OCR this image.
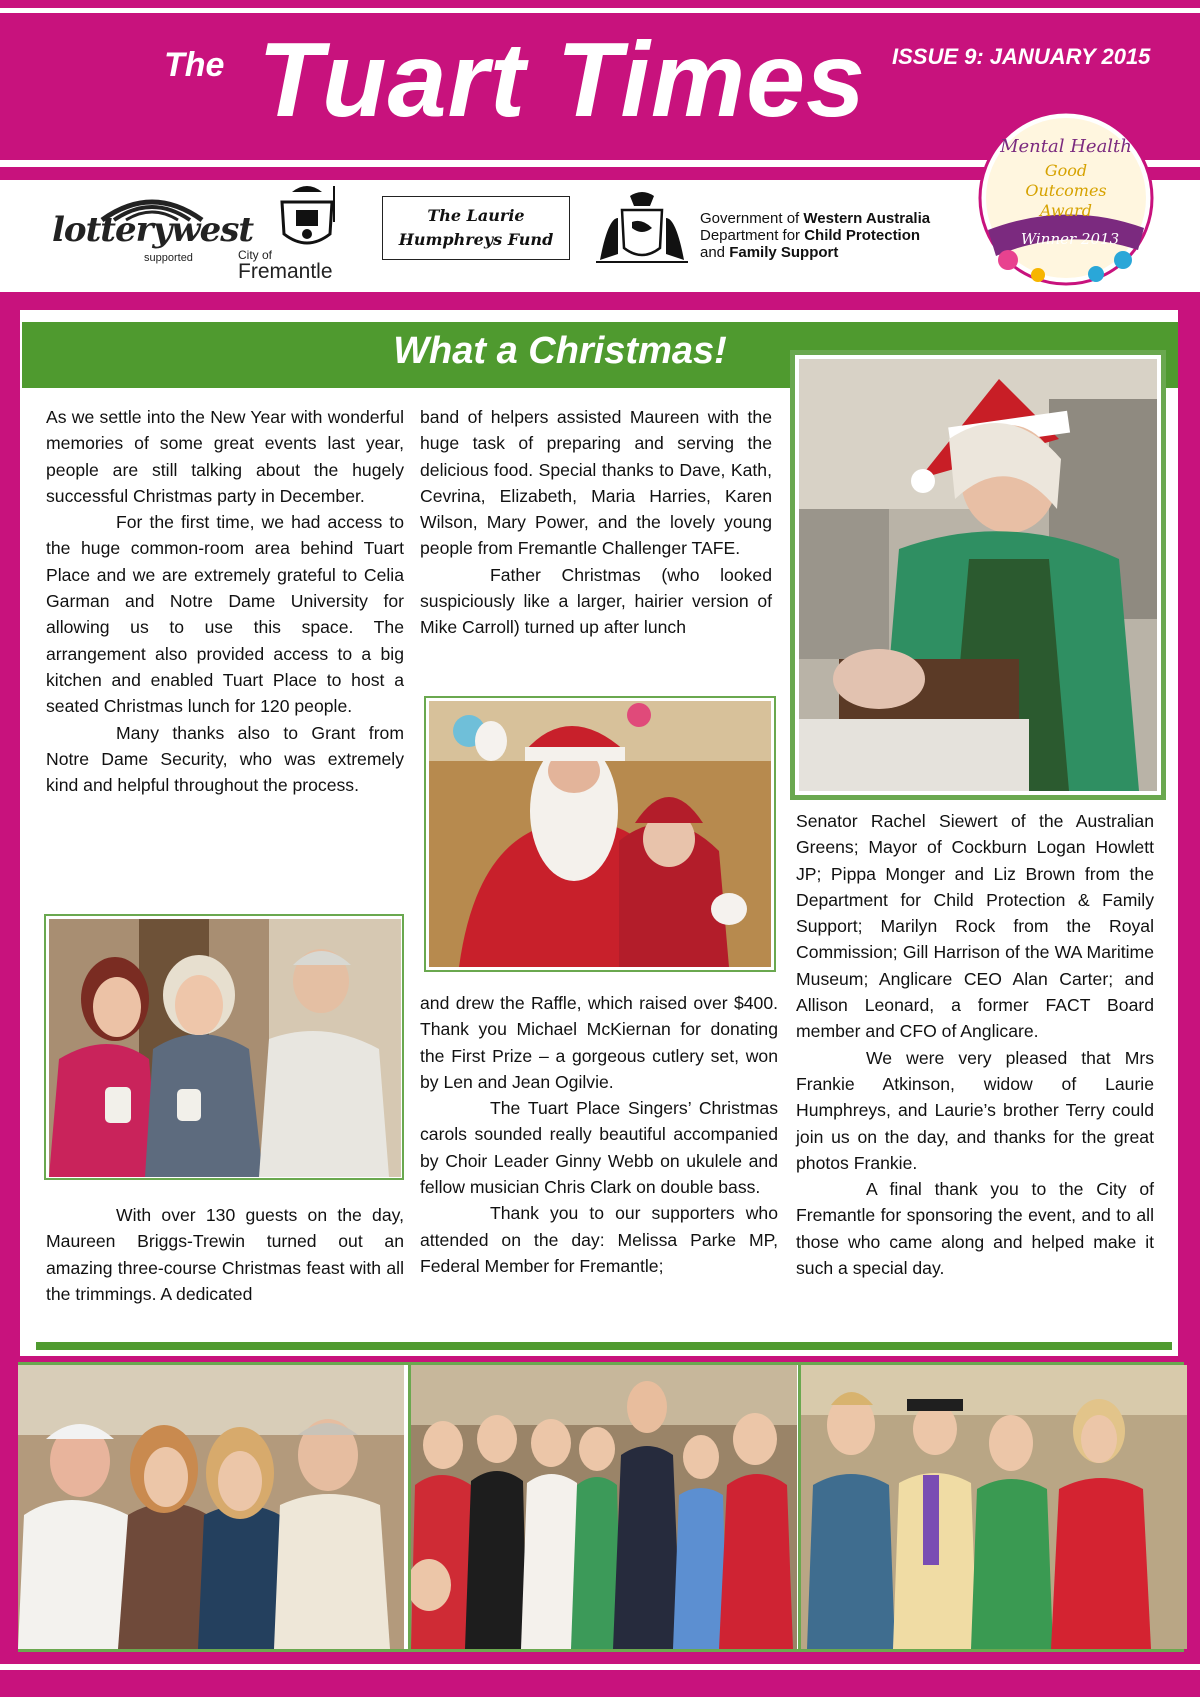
The Tuart Times ISSUE 9: JANUARY 2015
lotterywest
supported	City of
Fremantle
The Laurie
Humphreys Fund
Government of Western Australia
Department for Child Protection
and Family Support
Mental Health
Good
Outcomes
Award
Winner 2013
What a Christmas!

As we settle into the New Year with wonderful memories of some great events last year, people are still talking about the hugely successful Christmas party in December.

For the first time, we had access to the huge common-room area behind Tuart Place and we are extremely grateful to Celia Garman and Notre Dame University for allowing us to use this space. The arrangement also provided access to a big kitchen and enabled Tuart Place to host a seated Christmas lunch for 120 people.

Many thanks also to Grant from Notre Dame Security, who was extremely kind and helpful throughout the process.

With over 130 guests on the day, Maureen Briggs-Trewin turned out an amazing three-course Christmas feast with all the trimmings. A dedicated

band of helpers assisted Maureen with the huge task of preparing and serving the delicious food. Special thanks to Dave, Kath, Cevrina, Elizabeth, Maria Harries, Karen Wilson, Mary Power, and the lovely young people from Fremantle Challenger TAFE.

Father Christmas (who looked suspiciously like a larger, hairier version of Mike Carroll) turned up after lunch

and drew the Raffle, which raised over $400. Thank you Michael McKiernan for donating the First Prize – a gorgeous cutlery set, won by Len and Jean Ogilvie.

The Tuart Place Singers’ Christmas carols sounded really beautiful accompanied by Choir Leader Ginny Webb on ukulele and fellow musician Chris Clark on double bass.

Thank you to our supporters who attended on the day: Melissa Parke MP, Federal Member for Fremantle;

Senator Rachel Siewert of the Australian Greens; Mayor of Cockburn Logan Howlett JP; Pippa Monger and Liz Brown from the Department for Child Protection & Family Support; Marilyn Rock from the Royal Commission; Gill Harrison of the WA Maritime Museum; Anglicare CEO Alan Carter; and Allison Leonard, a former FACT Board member and CFO of Anglicare.

We were very pleased that Mrs Frankie Atkinson, widow of Laurie Humphreys, and Laurie’s brother Terry could join us on the day, and thanks for the great photos Frankie.

A final thank you to the City of Fremantle for sponsoring the event, and to all those who came along and helped make it such a special day.
